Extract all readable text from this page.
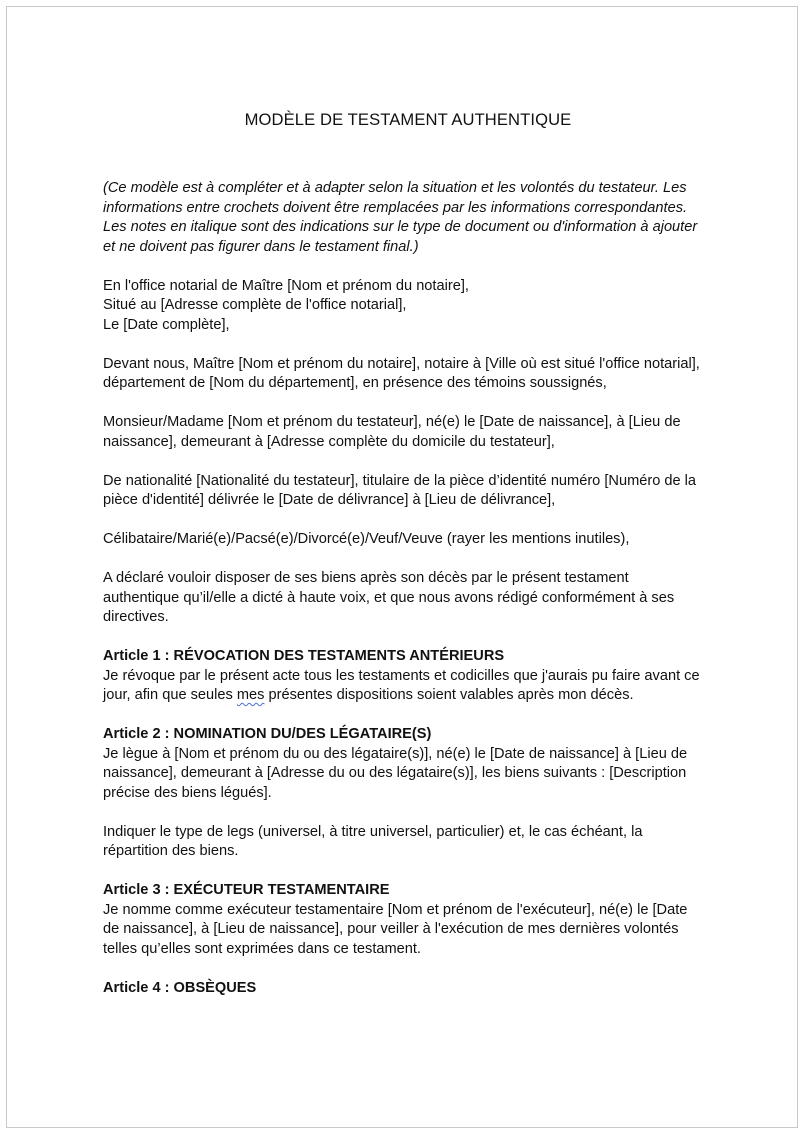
MODÈLE DE TESTAMENT AUTHENTIQUE
(Ce modèle est à compléter et à adapter selon la situation et les volontés du testateur. Les
informations entre crochets doivent être remplacées par les informations correspondantes.
Les notes en italique sont des indications sur le type de document ou d'information à ajouter
et ne doivent pas figurer dans le testament final.)
En l'office notarial de Maître [Nom et prénom du notaire],
Situé au [Adresse complète de l'office notarial],
Le [Date complète],
Devant nous, Maître [Nom et prénom du notaire], notaire à [Ville où est situé l'office notarial],
département de [Nom du département], en présence des témoins soussignés,
Monsieur/Madame [Nom et prénom du testateur], né(e) le [Date de naissance], à [Lieu de
naissance], demeurant à [Adresse complète du domicile du testateur],
De nationalité [Nationalité du testateur], titulaire de la pièce d’identité numéro [Numéro de la
pièce d'identité] délivrée le [Date de délivrance] à [Lieu de délivrance],
Célibataire/Marié(e)/Pacsé(e)/Divorcé(e)/Veuf/Veuve (rayer les mentions inutiles),
A déclaré vouloir disposer de ses biens après son décès par le présent testament
authentique qu’il/elle a dicté à haute voix, et que nous avons rédigé conformément à ses
directives.
Article 1 : RÉVOCATION DES TESTAMENTS ANTÉRIEURS
Je révoque par le présent acte tous les testaments et codicilles que j'aurais pu faire avant ce
jour, afin que seules mes présentes dispositions soient valables après mon décès.
Article 2 : NOMINATION DU/DES LÉGATAIRE(S)
Je lègue à [Nom et prénom du ou des légataire(s)], né(e) le [Date de naissance] à [Lieu de
naissance], demeurant à [Adresse du ou des légataire(s)], les biens suivants : [Description
précise des biens légués].
Indiquer le type de legs (universel, à titre universel, particulier) et, le cas échéant, la
répartition des biens.
Article 3 : EXÉCUTEUR TESTAMENTAIRE
Je nomme comme exécuteur testamentaire [Nom et prénom de l'exécuteur], né(e) le [Date
de naissance], à [Lieu de naissance], pour veiller à l'exécution de mes dernières volontés
telles qu’elles sont exprimées dans ce testament.
Article 4 : OBSÈQUES
